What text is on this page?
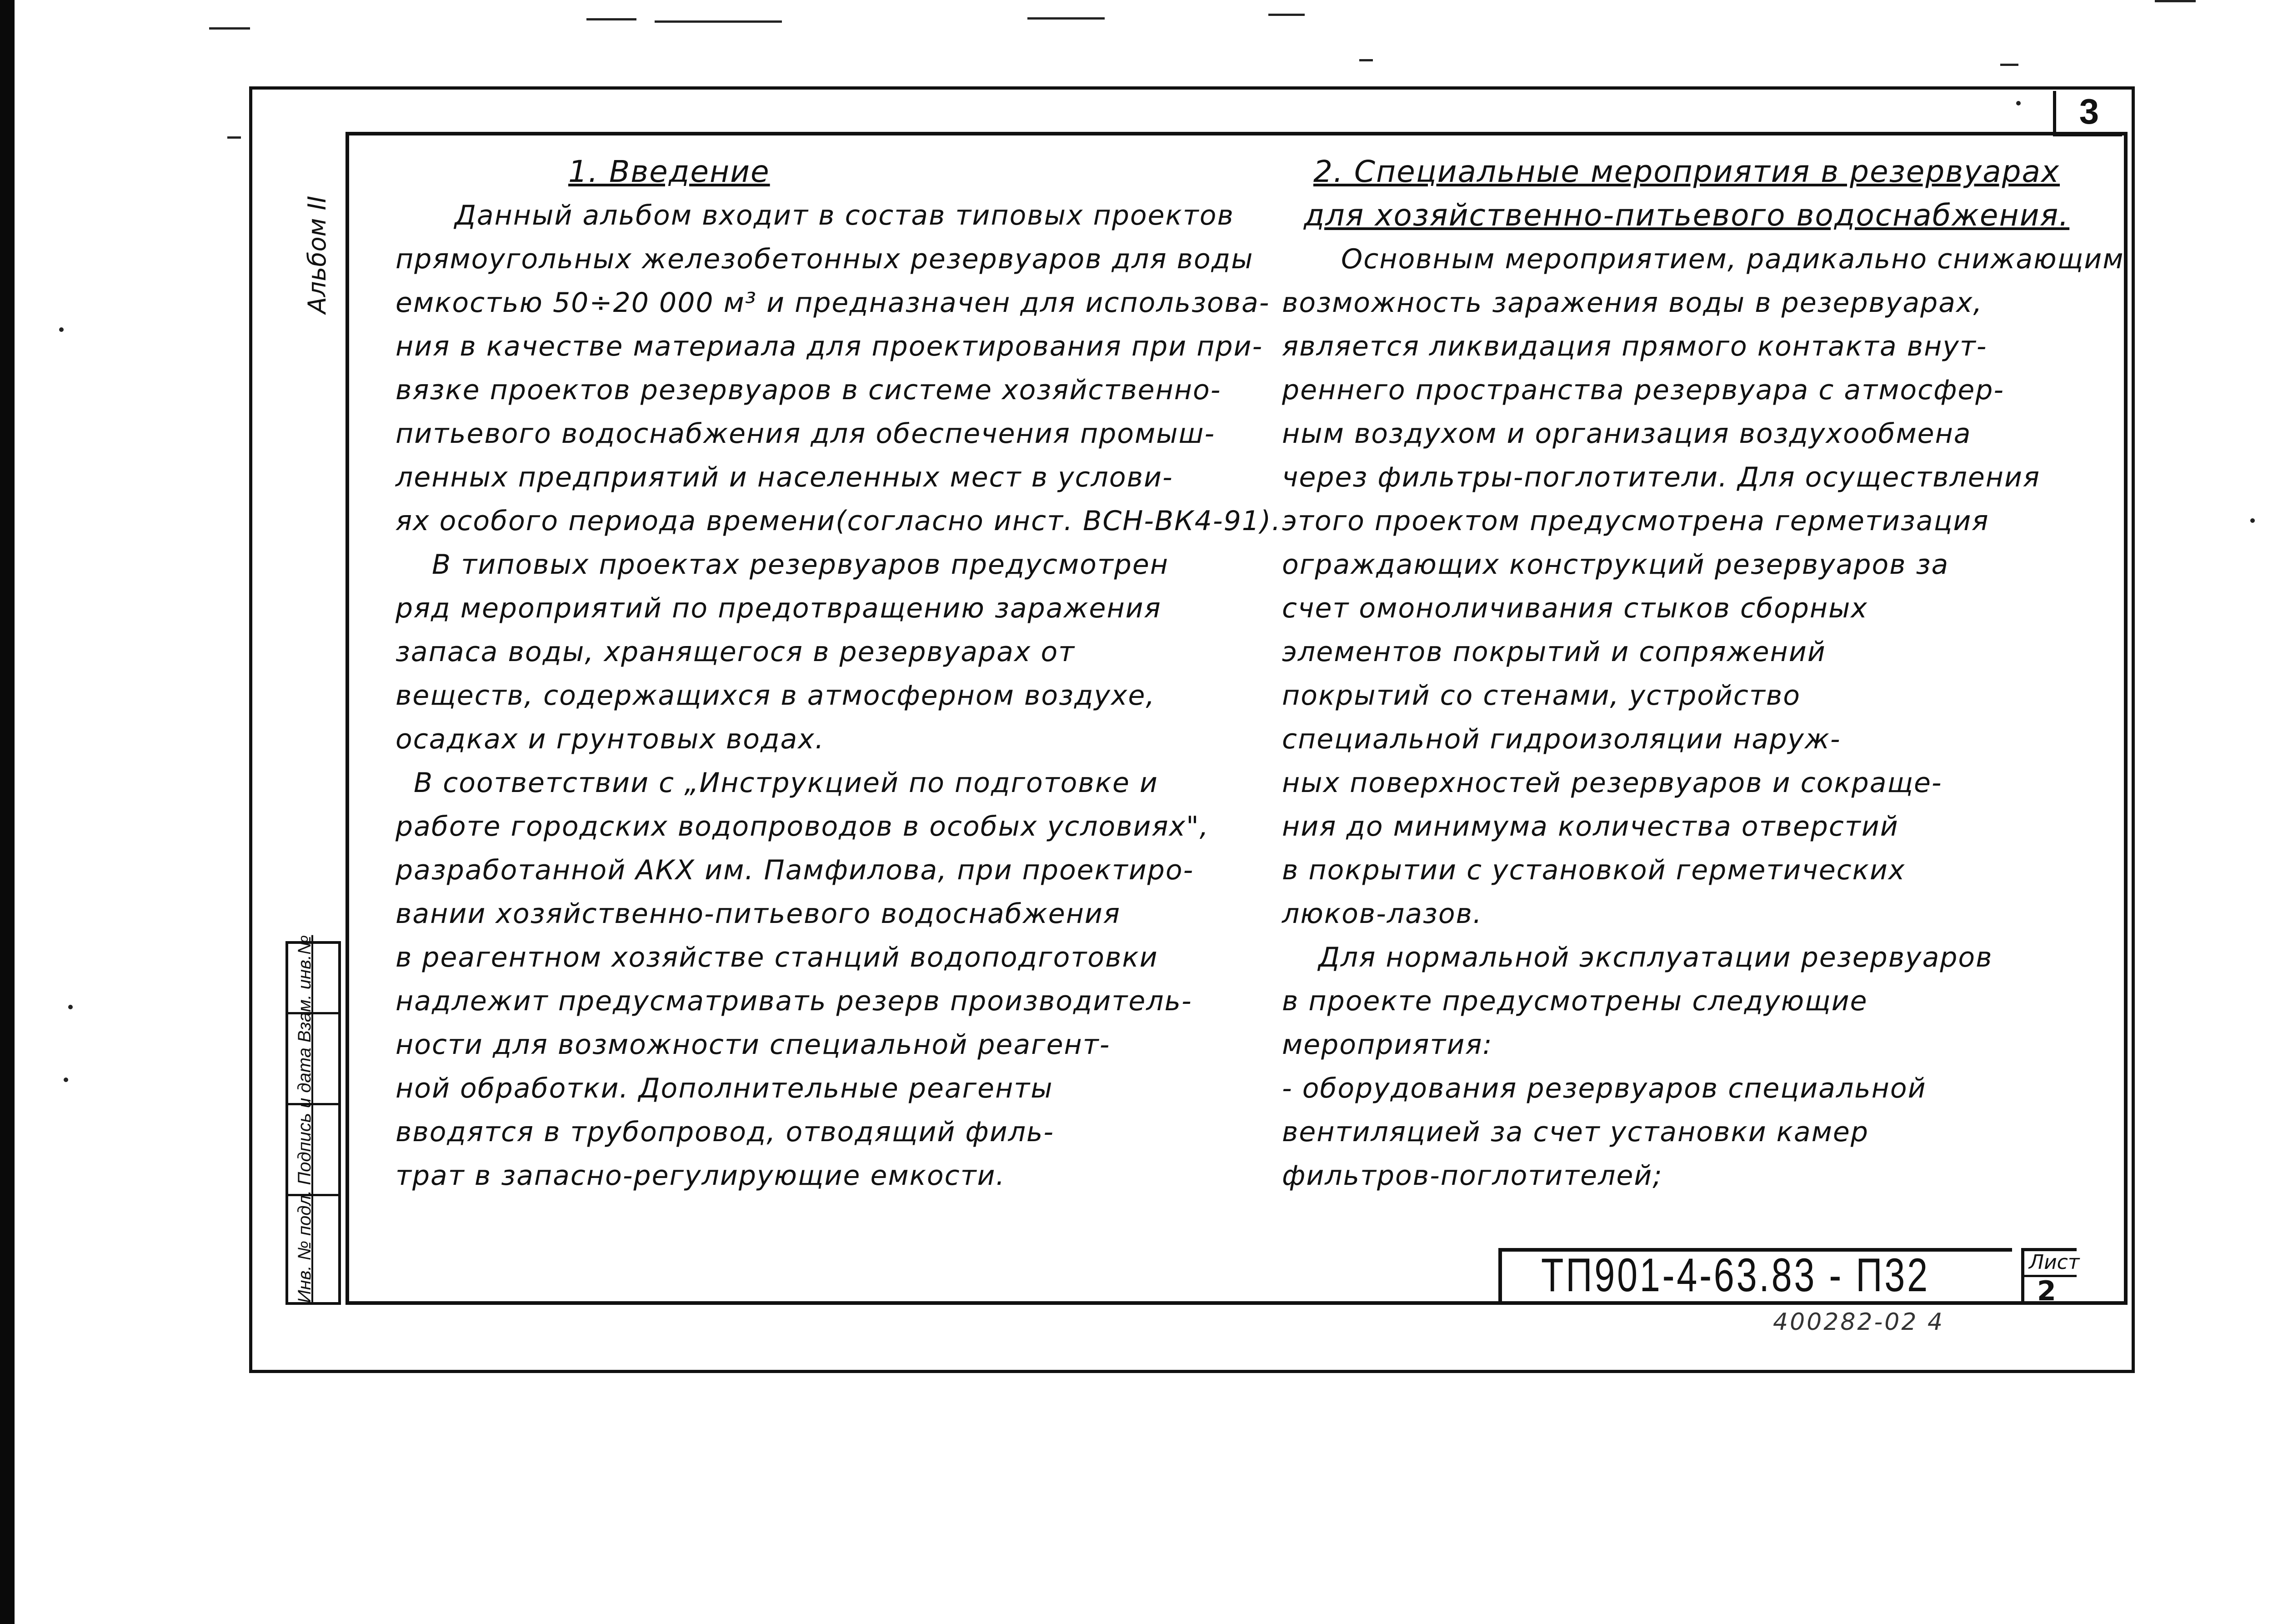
3
Альбом II
Инв. № подл. Подпись и дата Взам. инв.№
1. Введение
Данный альбом входит в состав типовых проектов
прямоугольных железобетонных резервуаров для воды
емкостью 50÷20 000 м³ и предназначен для использова-
ния в качестве материала для проектирования при при-
вязке проектов резервуаров в системе хозяйственно-
питьевого водоснабжения для обеспечения промыш-
ленных предприятий и населенных мест в услови-
ях особого периода времени(согласно инст. ВСН-ВК4-91).
В типовых проектах резервуаров предусмотрен
ряд мероприятий по предотвращению заражения
запаса воды, хранящегося в резервуарах от
веществ, содержащихся в атмосферном воздухе,
осадках и грунтовых водах.
В соответствии с „Инструкцией по подготовке и
работе городских водопроводов в особых условиях",
разработанной АКХ им. Памфилова, при проектиро-
вании хозяйственно-питьевого водоснабжения
в реагентном хозяйстве станций водоподготовки
надлежит предусматривать резерв производитель-
ности для возможности специальной реагент-
ной обработки. Дополнительные реагенты
вводятся в трубопровод, отводящий филь-
трат в запасно-регулирующие емкости.
2. Специальные мероприятия в резервуарах
для хозяйственно-питьевого водоснабжения.
Основным мероприятием, радикально снижающим
возможность заражения воды в резервуарах,
является ликвидация прямого контакта внут-
реннего пространства резервуара с атмосфер-
ным воздухом и организация воздухообмена
через фильтры-поглотители. Для осуществления
этого проектом предусмотрена герметизация
ограждающих конструкций резервуаров за
счет омоноличивания стыков сборных
элементов покрытий и сопряжений
покрытий со стенами, устройство
специальной гидроизоляции наруж-
ных поверхностей резервуаров и сокраще-
ния до минимума количества отверстий
в покрытии с установкой герметических
люков-лазов.
Для нормальной эксплуатации резервуаров
в проекте предусмотрены следующие
мероприятия:
- оборудования резервуаров специальной
вентиляцией за счет установки камер
фильтров-поглотителей;
ТП901-4-63.83 - П32	Лист
2
400282-02 4
